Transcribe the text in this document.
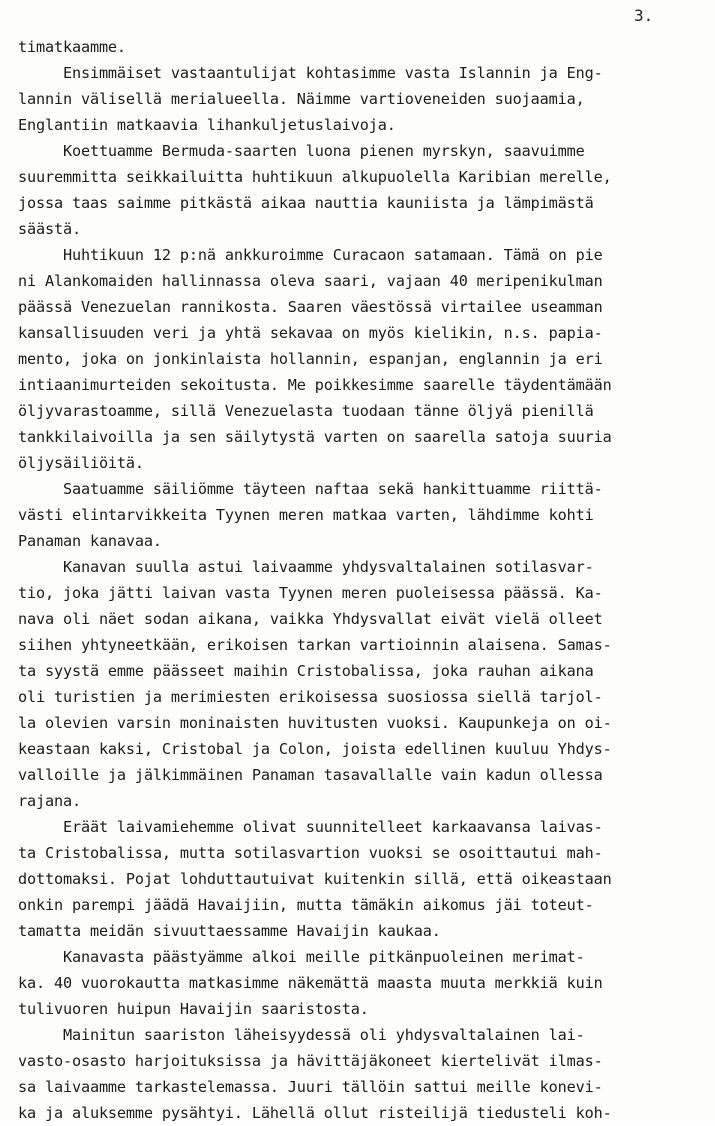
3.
timatkaamme.
Ensimmäiset vastaantulijat kohtasimme vasta Islannin ja Eng-
lannin välisellä merialueella. Näimme vartioveneiden suojaamia,
Englantiin matkaavia lihankuljetuslaivoja.
Koettuamme Bermuda-saarten luona pienen myrskyn, saavuimme
suuremmitta seikkailuitta huhtikuun alkupuolella Karibian merelle,
jossa taas saimme pitkästä aikaa nauttia kauniista ja lämpimästä
säästä.
Huhtikuun 12 p:nä ankkuroimme Curacaon satamaan. Tämä on pie
ni Alankomaiden hallinnassa oleva saari, vajaan 40 meripenikulman
päässä Venezuelan rannikosta. Saaren väestössä virtailee useamman
kansallisuuden veri ja yhtä sekavaa on myös kielikin, n.s. papia-
mento, joka on jonkinlaista hollannin, espanjan, englannin ja eri
intiaanimurteiden sekoitusta. Me poikkesimme saarelle täydentämään
öljyvarastoamme, sillä Venezuelasta tuodaan tänne öljyä pienillä
tankkilaivoilla ja sen säilytystä varten on saarella satoja suuria
öljysäiliöitä.
Saatuamme säiliömme täyteen naftaa sekä hankittuamme riittä-
västi elintarvikkeita Tyynen meren matkaa varten, lähdimme kohti
Panaman kanavaa.
Kanavan suulla astui laivaamme yhdysvaltalainen sotilasvar-
tio, joka jätti laivan vasta Tyynen meren puoleisessa päässä. Ka-
nava oli näet sodan aikana, vaikka Yhdysvallat eivät vielä olleet
siihen yhtyneetkään, erikoisen tarkan vartioinnin alaisena. Samas-
ta syystä emme päässeet maihin Cristobalissa, joka rauhan aikana
oli turistien ja merimiesten erikoisessa suosiossa siellä tarjol-
la olevien varsin moninaisten huvitusten vuoksi. Kaupunkeja on oi-
keastaan kaksi, Cristobal ja Colon, joista edellinen kuuluu Yhdys-
valloille ja jälkimmäinen Panaman tasavallalle vain kadun ollessa
rajana.
Eräät laivamiehemme olivat suunnitelleet karkaavansa laivas-
ta Cristobalissa, mutta sotilasvartion vuoksi se osoittautui mah-
dottomaksi. Pojat lohduttautuivat kuitenkin sillä, että oikeastaan
onkin parempi jäädä Havaijiin, mutta tämäkin aikomus jäi toteut-
tamatta meidän sivuuttaessamme Havaijin kaukaa.
Kanavasta päästyämme alkoi meille pitkänpuoleinen merimat-
ka. 40 vuorokautta matkasimme näkemättä maasta muuta merkkiä kuin
tulivuoren huipun Havaijin saaristosta.
Mainitun saariston läheisyydessä oli yhdysvaltalainen lai-
vasto-osasto harjoituksissa ja hävittäjäkoneet kiertelivät ilmas-
sa laivaamme tarkastelemassa. Juuri tällöin sattui meille konevi-
ka ja aluksemme pysähtyi. Lähellä ollut risteilijä tiedusteli koh-
